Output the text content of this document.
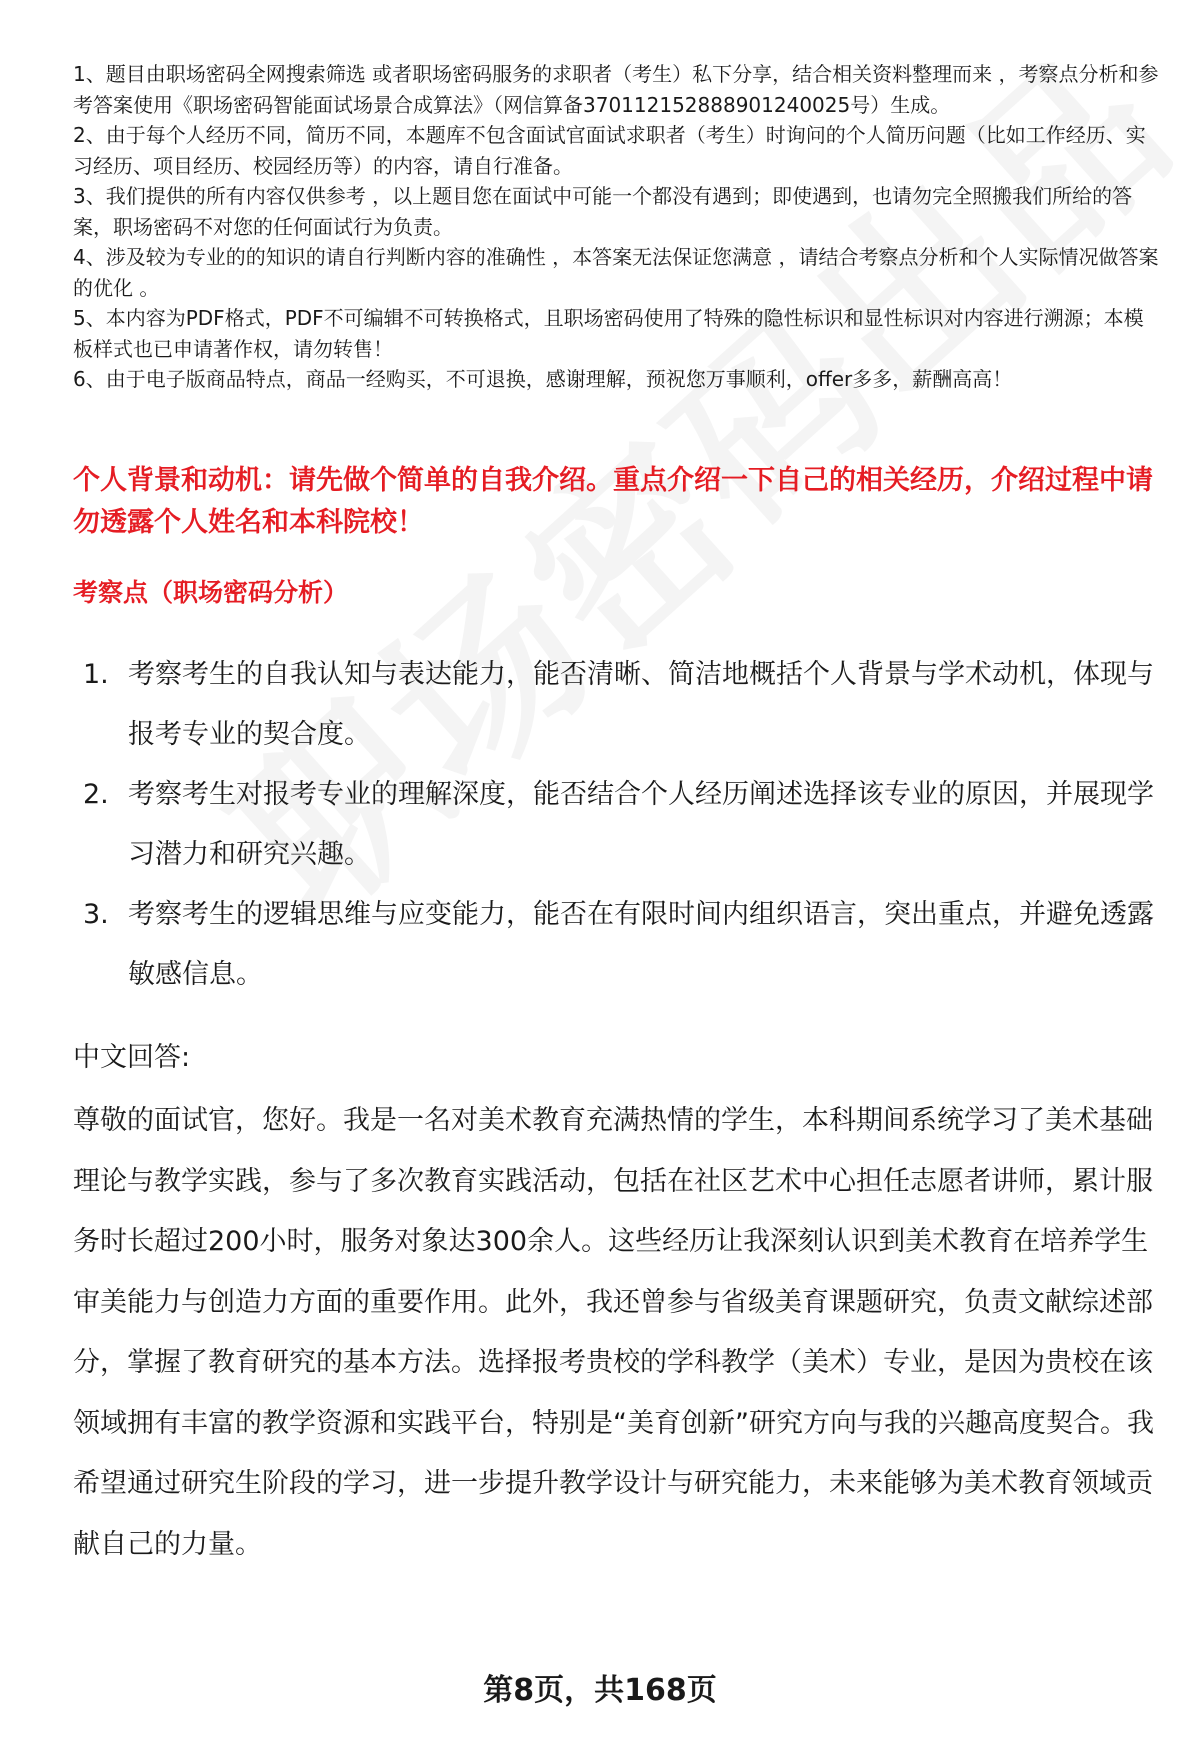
1、题目由职场密码全网搜索筛选 或者职场密码服务的求职者（考生）私下分享，结合相关资料整理而来 ，考察点分析和参考答案使用《职场密码智能面试场景合成算法》（网信算备370112152888901240025号）生成。

2、由于每个人经历不同，简历不同，本题库不包含面试官面试求职者（考生）时询问的个人简历问题（比如工作经历、实习经历、项目经历、校园经历等）的内容，请自行准备。

3、我们提供的所有内容仅供参考 ，以上题目您在面试中可能一个都没有遇到；即使遇到，也请勿完全照搬我们所给的答案，职场密码不对您的任何面试行为负责。

4、涉及较为专业的的知识的请自行判断内容的准确性 ，本答案无法保证您满意 ，请结合考察点分析和个人实际情况做答案的优化 。

5、本内容为PDF格式，PDF不可编辑不可转换格式，且职场密码使用了特殊的隐性标识和显性标识对内容进行溯源；本模板样式也已申请著作权，请勿转售！

6、由于电子版商品特点，商品一经购买，不可退换，感谢理解，预祝您万事顺利，offer多多，薪酬高高！

个人背景和动机：请先做个简单的自我介绍。重点介绍一下自己的相关经历，介绍过程中请勿透露个人姓名和本科院校！
考察点（职场密码分析）
1. 考察考生的自我认知与表达能力，能否清晰、简洁地概括个人背景与学术动机，体现与报考专业的契合度。
2. 考察考生对报考专业的理解深度，能否结合个人经历阐述选择该专业的原因，并展现学习潜力和研究兴趣。
3. 考察考生的逻辑思维与应变能力，能否在有限时间内组织语言，突出重点，并避免透露敏感信息。

中文回答:

尊敬的面试官，您好。我是一名对美术教育充满热情的学生，本科期间系统学习了美术基础理论与教学实践，参与了多次教育实践活动，包括在社区艺术中心担任志愿者讲师，累计服务时长超过200小时，服务对象达300余人。这些经历让我深刻认识到美术教育在培养学生审美能力与创造力方面的重要作用。此外，我还曾参与省级美育课题研究，负责文献综述部分，掌握了教育研究的基本方法。选择报考贵校的学科教学（美术）专业，是因为贵校在该领域拥有丰富的教学资源和实践平台，特别是“美育创新”研究方向与我的兴趣高度契合。我希望通过研究生阶段的学习，进一步提升教学设计与研究能力，未来能够为美术教育领域贡献自己的力量。

第8页，共168页
